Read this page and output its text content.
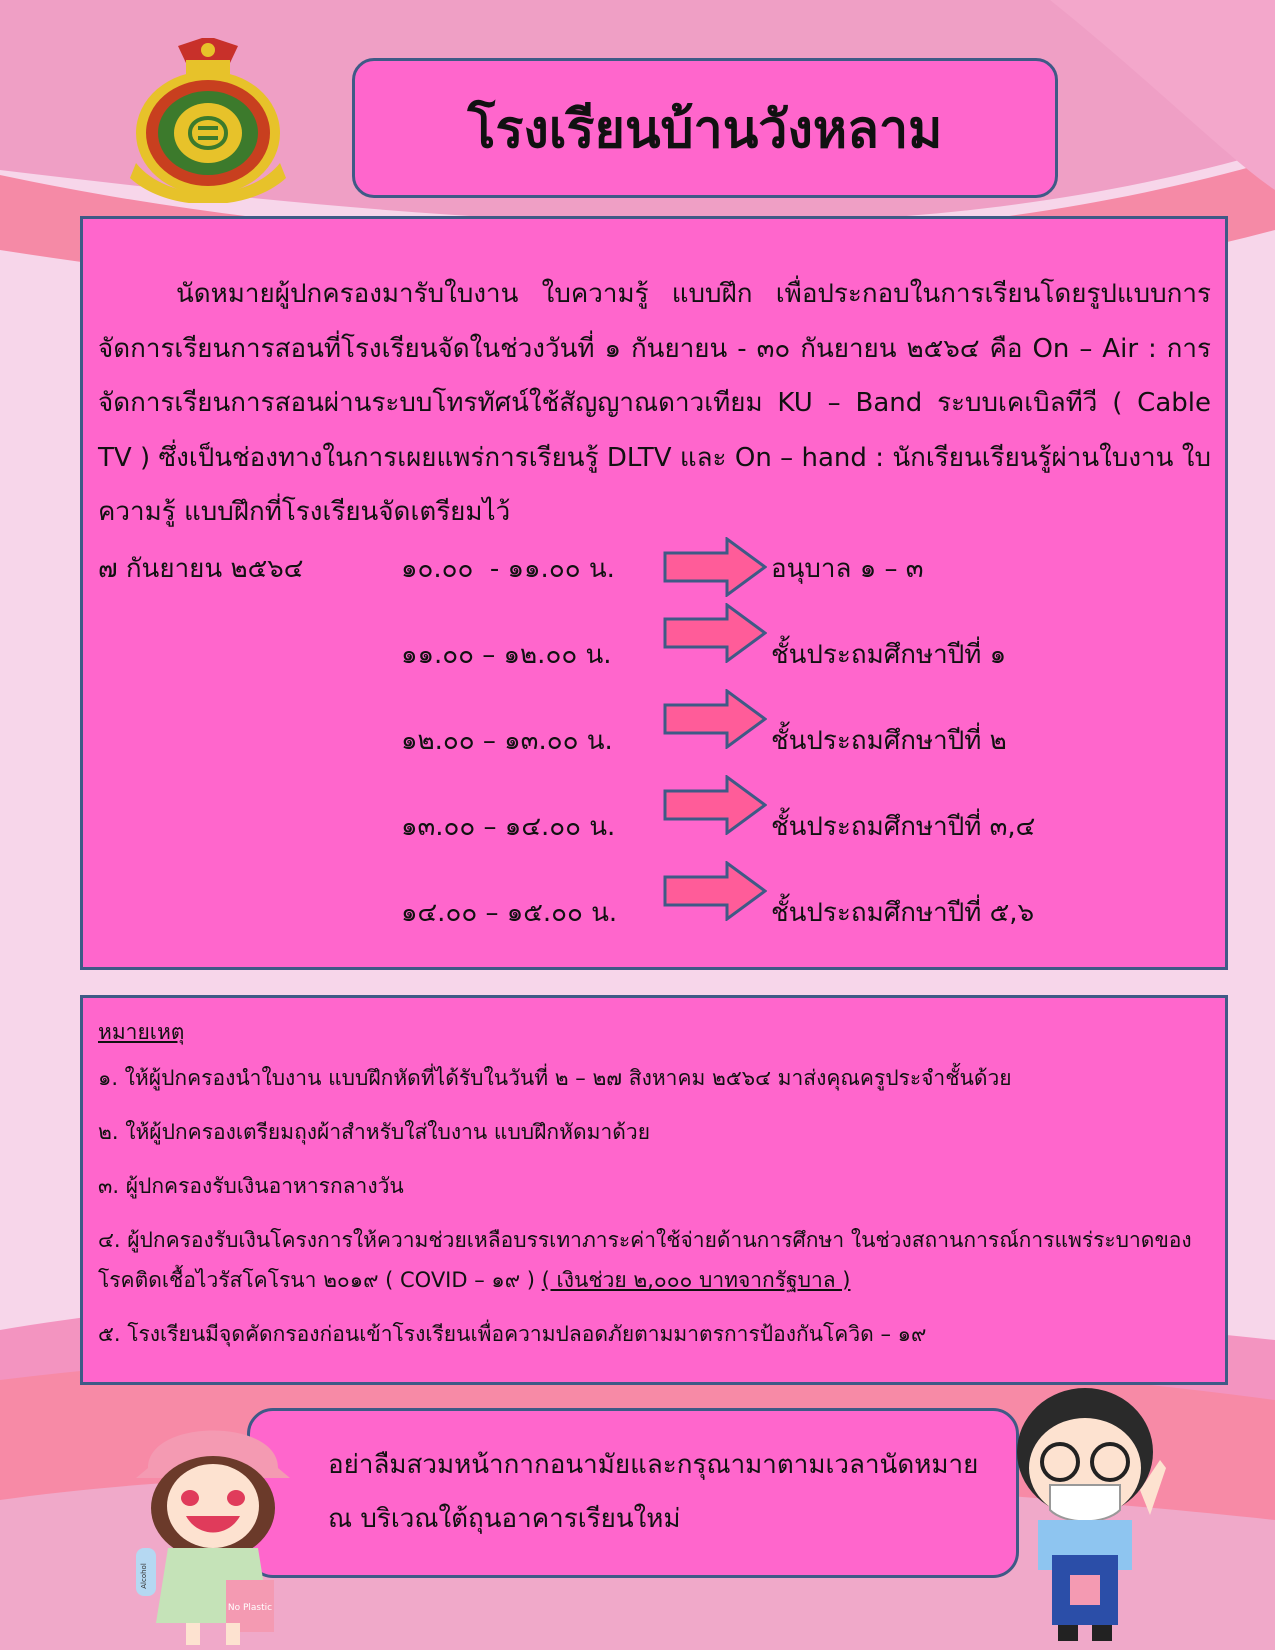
โรงเรียนบ้านวังหลาม

นัดหมายผู้ปกครองมารับใบงาน ใบความรู้ แบบฝึก เพื่อประกอบในการเรียนโดยรูปแบบการจัดการเรียนการสอนที่โรงเรียนจัดในช่วงวันที่ ๑ กันยายน - ๓๐ กันยายน ๒๕๖๔ คือ On – Air : การจัดการเรียนการสอนผ่านระบบโทรทัศน์ใช้สัญญาณดาวเทียม KU – Band ระบบเคเบิลทีวี ( Cable TV ) ซึ่งเป็นช่องทางในการเผยแพร่การเรียนรู้ DLTV และ On – hand : นักเรียนเรียนรู้ผ่านใบงาน ใบความรู้ แบบฝึกที่โรงเรียนจัดเตรียมไว้

๗ กันยายน ๒๕๖๔	๑๐.๐๐  - ๑๑.๐๐ น.	อนุบาล ๑ – ๓
๑๑.๐๐ – ๑๒.๐๐ น.	ชั้นประถมศึกษาปีที่ ๑
๑๒.๐๐ – ๑๓.๐๐ น.	ชั้นประถมศึกษาปีที่ ๒
๑๓.๐๐ – ๑๔.๐๐ น.	ชั้นประถมศึกษาปีที่ ๓,๔
๑๔.๐๐ – ๑๕.๐๐ น.	ชั้นประถมศึกษาปีที่ ๕,๖
หมายเหตุ
๑. ให้ผู้ปกครองนำใบงาน แบบฝึกหัดที่ได้รับในวันที่ ๒ – ๒๗ สิงหาคม ๒๕๖๔ มาส่งคุณครูประจำชั้นด้วย
๒. ให้ผู้ปกครองเตรียมถุงผ้าสำหรับใส่ใบงาน แบบฝึกหัดมาด้วย
๓. ผู้ปกครองรับเงินอาหารกลางวัน
๔. ผู้ปกครองรับเงินโครงการให้ความช่วยเหลือบรรเทาภาระค่าใช้จ่ายด้านการศึกษา ในช่วงสถานการณ์การแพร่ระบาดของ
โรคติดเชื้อไวรัสโคโรนา ๒๐๑๙ ( COVID – ๑๙ ) ( เงินช่วย ๒,๐๐๐ บาทจากรัฐบาล )
๕. โรงเรียนมีจุดคัดกรองก่อนเข้าโรงเรียนเพื่อความปลอดภัยตามมาตรการป้องกันโควิด – ๑๙
อย่าลืมสวมหน้ากากอนามัยและกรุณามาตามเวลานัดหมาย
ณ บริเวณใต้ถุนอาคารเรียนใหม่
Alcohol
No Plastic
